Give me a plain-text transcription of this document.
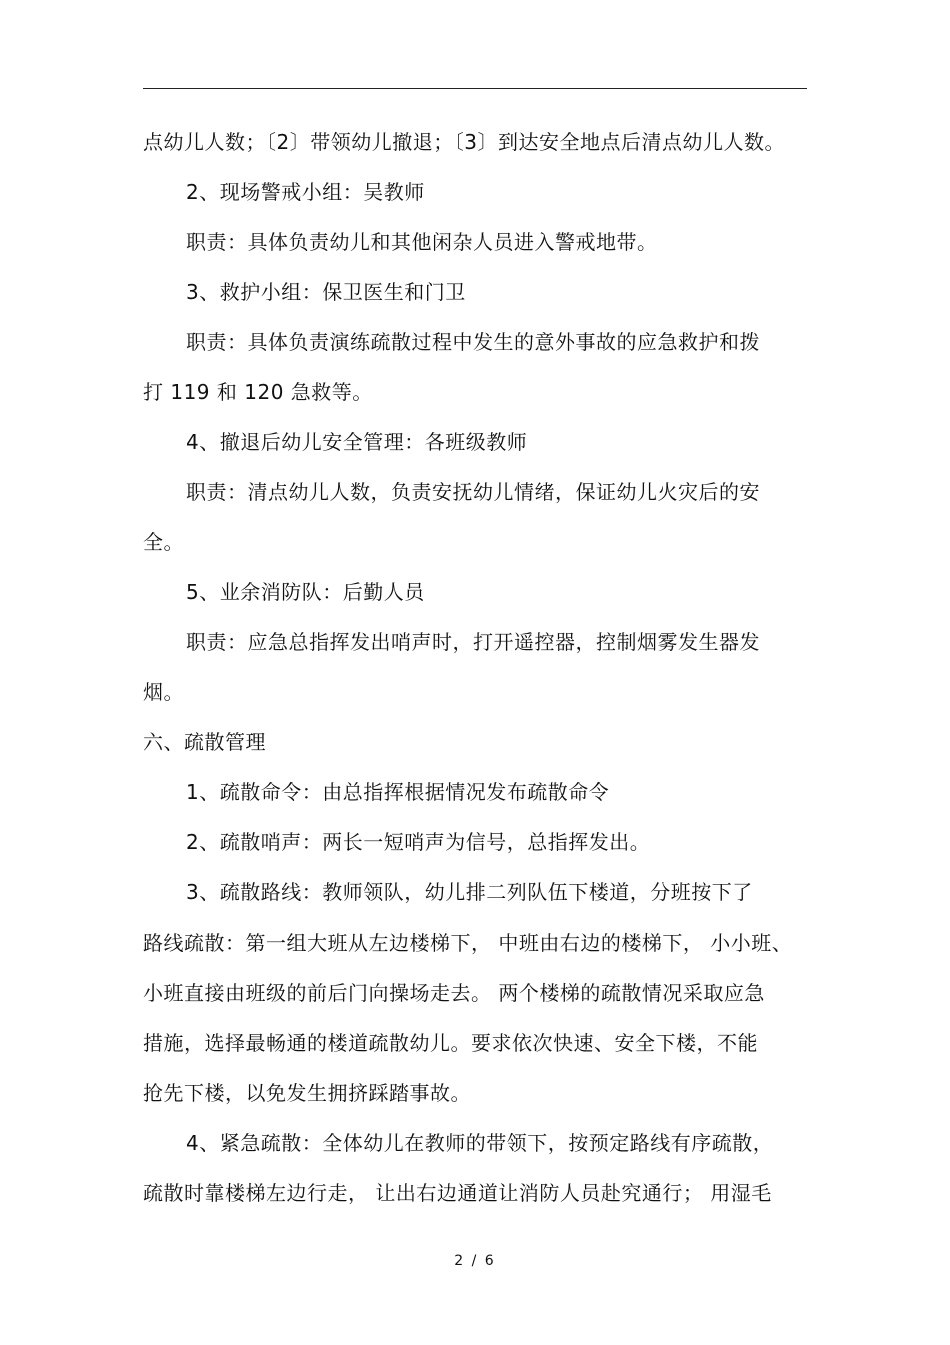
点幼儿人数；〔2〕带领幼儿撤退；〔3〕到达安全地点后清点幼儿人数。
2、现场警戒小组：吴教师
职责：具体负责幼儿和其他闲杂人员进入警戒地带。
3、救护小组：保卫医生和门卫
职责：具体负责演练疏散过程中发生的意外事故的应急救护和拨
打 119 和 120 急救等。
4、撤退后幼儿安全管理：各班级教师
职责：清点幼儿人数，负责安抚幼儿情绪，保证幼儿火灾后的安
全。
5、业余消防队：后勤人员
职责：应急总指挥发出哨声时，打开遥控器，控制烟雾发生器发
烟。
六、疏散管理
1、疏散命令：由总指挥根据情况发布疏散命令
2、疏散哨声：两长一短哨声为信号，总指挥发出。
3、疏散路线：教师领队，幼儿排二列队伍下楼道，分班按下了
路线疏散：第一组大班从左边楼梯下， 中班由右边的楼梯下， 小小班、
小班直接由班级的前后门向操场走去。 两个楼梯的疏散情况采取应急
措施，选择最畅通的楼道疏散幼儿。要求依次快速、安全下楼，不能
抢先下楼，以免发生拥挤踩踏事故。
4、紧急疏散：全体幼儿在教师的带领下，按预定路线有序疏散，
疏散时靠楼梯左边行走， 让出右边通道让消防人员赴究通行； 用湿毛
2 / 6
